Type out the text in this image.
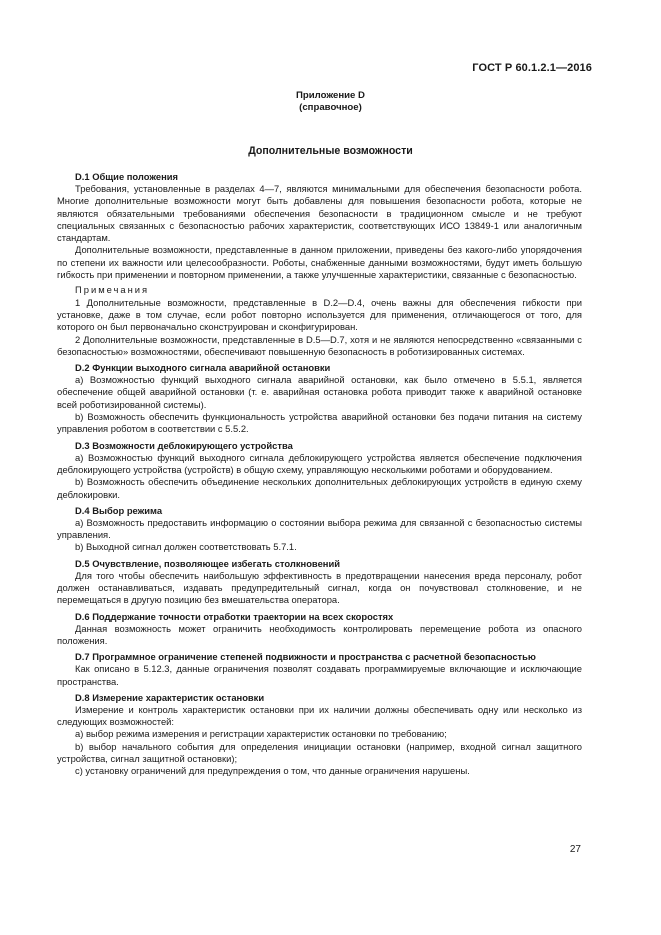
ГОСТ Р 60.1.2.1—2016
Приложение D
(справочное)
Дополнительные возможности
D.1 Общие положения

Требования, установленные в разделах 4—7, являются минимальными для обеспечения безопасности робота. Многие дополнительные возможности могут быть добавлены для повышения безопасности робота, которые не являются обязательными требованиями обеспечения безопасности в традиционном смысле и не требуют специальных связанных с безопасностью рабочих характеристик, соответствующих ИСО 13849-1 или аналогичным стандартам.

Дополнительные возможности, представленные в данном приложении, приведены без какого-либо упорядочения по степени их важности или целесообразности. Роботы, снабженные данными возможностями, будут иметь большую гибкость при применении и повторном применении, а также улучшенные характеристики, связанные с безопасностью.

Примечания

1 Дополнительные возможности, представленные в D.2—D.4, очень важны для обеспечения гибкости при установке, даже в том случае, если робот повторно используется для применения, отличающегося от того, для которого он был первоначально сконструирован и сконфигурирован.

2 Дополнительные возможности, представленные в D.5—D.7, хотя и не являются непосредственно «связанными с безопасностью» возможностями, обеспечивают повышенную безопасность в роботизированных системах.

D.2 Функции выходного сигнала аварийной остановки

a) Возможностью функций выходного сигнала аварийной остановки, как было отмечено в 5.5.1, является обеспечение общей аварийной остановки (т. е. аварийная остановка робота приводит также к аварийной остановке всей роботизированной системы).

b) Возможность обеспечить функциональность устройства аварийной остановки без подачи питания на систему управления роботом в соответствии с 5.5.2.

D.3 Возможности деблокирующего устройства

a) Возможностью функций выходного сигнала деблокирующего устройства является обеспечение подключения деблокирующего устройства (устройств) в общую схему, управляющую несколькими роботами и оборудованием.

b) Возможность обеспечить объединение нескольких дополнительных деблокирующих устройств в единую схему деблокировки.

D.4 Выбор режима

a) Возможность предоставить информацию о состоянии выбора режима для связанной с безопасностью системы управления.

b) Выходной сигнал должен соответствовать 5.7.1.

D.5 Очувствление, позволяющее избегать столкновений

Для того чтобы обеспечить наибольшую эффективность в предотвращении нанесения вреда персоналу, робот должен останавливаться, издавать предупредительный сигнал, когда он почувствовал столкновение, и не перемещаться в другую позицию без вмешательства оператора.

D.6 Поддержание точности отработки траектории на всех скоростях

Данная возможность может ограничить необходимость контролировать перемещение робота из опасного положения.

D.7 Программное ограничение степеней подвижности и пространства с расчетной безопасностью

Как описано в 5.12.3, данные ограничения позволят создавать программируемые включающие и исключающие пространства.

D.8 Измерение характеристик остановки

Измерение и контроль характеристик остановки при их наличии должны обеспечивать одну или несколько из следующих возможностей:

a) выбор режима измерения и регистрации характеристик остановки по требованию;

b) выбор начального события для определения инициации остановки (например, входной сигнал защитного устройства, сигнал защитной остановки);

c) установку ограничений для предупреждения о том, что данные ограничения нарушены.

27
